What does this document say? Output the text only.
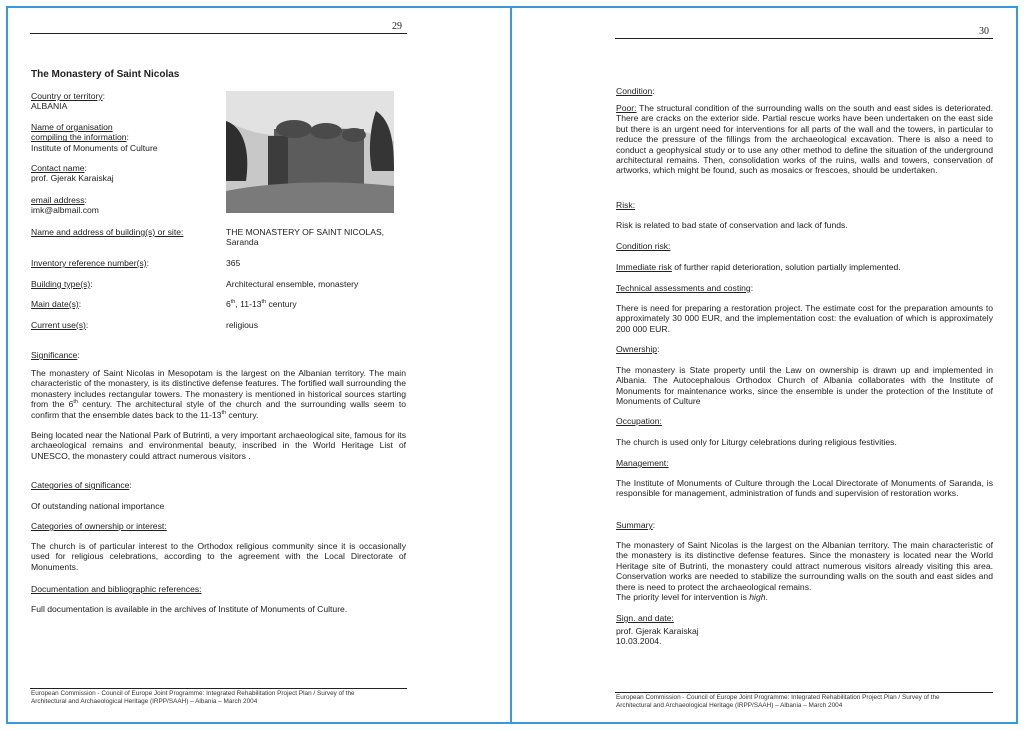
29
The Monastery of Saint Nicolas
Country or territory:
ALBANIA
Name of organisation
compiling the information:
Institute of Monuments of Culture
Contact name:
prof. Gjerak Karaiskaj
email address:
imk@albmail.com
Name and address of building(s) or site:	THE MONASTERY OF SAINT NICOLAS,
Saranda
Inventory reference number(s):	365
Building type(s):	Architectural ensemble, monastery
Main date(s):	6th, 11-13th century
Current use(s):	religious
Significance:
The monastery of Saint Nicolas in Mesopotam is the largest on the Albanian territory. The main characteristic of the monastery, is its distinctive defense features. The fortified wall surrounding the monastery includes rectangular towers. The monastery is mentioned in historical sources starting from the 6th century. The architectural style of the church and the surrounding walls seem to confirm that the ensemble dates back to the 11-13th century.
Being located near the National Park of Butrinti, a very important archaeological site, famous for its archaeological remains and environmental beauty, inscribed in the World Heritage List of UNESCO, the monastery could attract numerous visitors .
Categories of significance:
Of outstanding national importance
Categories of ownership or interest:
The church is of particular interest to the Orthodox religious community since it is occasionally used for religious celebrations, according to the agreement with the Local Directorate of Monuments.
Documentation and bibliographic references:
Full documentation is available in the archives of Institute of Monuments of Culture.
European Commission - Council of Europe Joint Programme: Integrated Rehabilitation Project Plan / Survey of the
Architectural and Archaeological Heritage (IRPP/SAAH) – Albania – March 2004
30
Condition:
Poor: The structural condition of the surrounding walls on the south and east sides is deteriorated. There are cracks on the exterior side. Partial rescue works have been undertaken on the east side but there is an urgent need for interventions for all parts of the wall and the towers, in particular to reduce the pressure of the fillings from the archaeological excavation. There is also a need to conduct a geophysical study or to use any other method to define the situation of the underground architectural remains. Then, consolidation works of the ruins, walls and towers, conservation of artworks, which might be found, such as mosaics or frescoes, should be undertaken.
Risk:
Risk is related to bad state of conservation and lack of funds.
Condition risk:
Immediate risk of further rapid deterioration, solution partially implemented.
Technical assessments and costing:
There is need for preparing a restoration project. The estimate cost for the preparation amounts to approximately 30 000 EUR, and the implementation cost: the evaluation of which is approximately 200 000 EUR.
Ownership:
The monastery is State property until the Law on ownership is drawn up and implemented in Albania. The Autocephalous Orthodox Church of Albania collaborates with the Institute of Monuments for maintenance works, since the ensemble is under the protection of the Institute of Monuments of Culture
Occupation:
The church is used only for Liturgy celebrations during religious festivities.
Management:
The Institute of Monuments of Culture through the Local Directorate of Monuments of Saranda, is responsible for management, administration of funds and supervision of restoration works.
Summary:
The monastery of Saint Nicolas is the largest on the Albanian territory. The main characteristic of the monastery is its distinctive defense features. Since the monastery is located near the World Heritage site of Butrinti, the monastery could attract numerous visitors already visiting this area. Conservation works are needed to stabilize the surrounding walls on the south and east sides and there is need to protect the archaeological remains.
The priority level for intervention is high.
Sign. and date:
prof. Gjerak Karaiskaj
10.03.2004.
European Commission - Council of Europe Joint Programme: Integrated Rehabilitation Project Plan / Survey of the
Architectural and Archaeological Heritage (IRPP/SAAH) – Albania – March 2004
